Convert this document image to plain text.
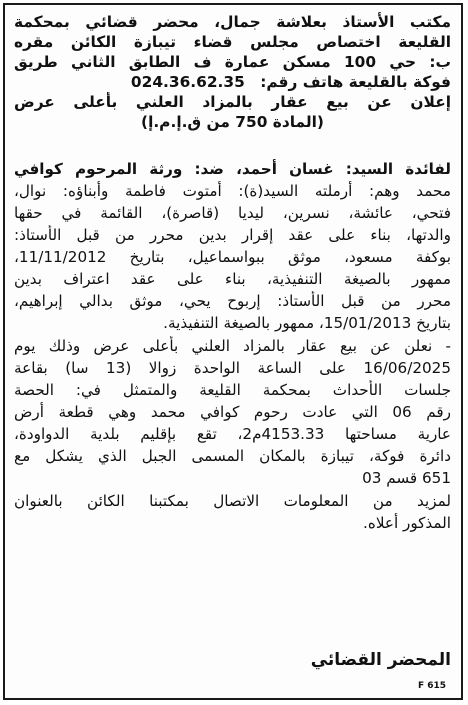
مكتب الأستاذ بعلاشة جمال، محضر قضائي بمحكمة
القليعة اختصاص مجلس قضاء تيبازة الكائن مقره
ب: حي 100 مسكن عمارة ف الطابق الثاني طريق
فوكة بالقليعة هاتف رقم: 024.36.62.35
إعلان عن بيع عقار بالمزاد العلني بأعلى عرض
(المادة 750 من ق.إ.م.إ)
لفائدة السيد: غسان أحمد، ضد: ورثة المرحوم كوافي
محمد وهم: أرملته السيد(ة): أمتوت فاطمة وأبناؤه: نوال،
فتحي، عائشة، نسرين، ليديا (قاصرة)، القائمة في حقها
والدتها، بناء على عقد إقرار بدين محرر من قبل الأستاذ:
بوكفة مسعود، موثق ببواسماعيل، بتاريخ 11/11/2012،
ممهور بالصيغة التنفيذية، بناء على عقد اعتراف بدين
محرر من قبل الأستاذ: إربوح يحي، موثق بدالي إبراهيم،
بتاريخ 15/01/2013، ممهور بالصيغة التنفيذية.
- نعلن عن بيع عقار بالمزاد العلني بأعلى عرض وذلك يوم
16/06/2025 على الساعة الواحدة زوالا (13 سا) بقاعة
جلسات الأحداث بمحكمة القليعة والمتمثل في: الحصة
رقم 06 التي عادت رحوم كوافي محمد وهي قطعة أرض
عارية مساحتها 4153.33م2، تقع بإقليم بلدية الدواودة،
دائرة فوكة، تيبازة بالمكان المسمى الجبل الذي يشكل مع
651 قسم 03
لمزيد من المعلومات الاتصال بمكتبنا الكائن بالعنوان
المذكور أعلاه.
المحضر القضائي
F 615
